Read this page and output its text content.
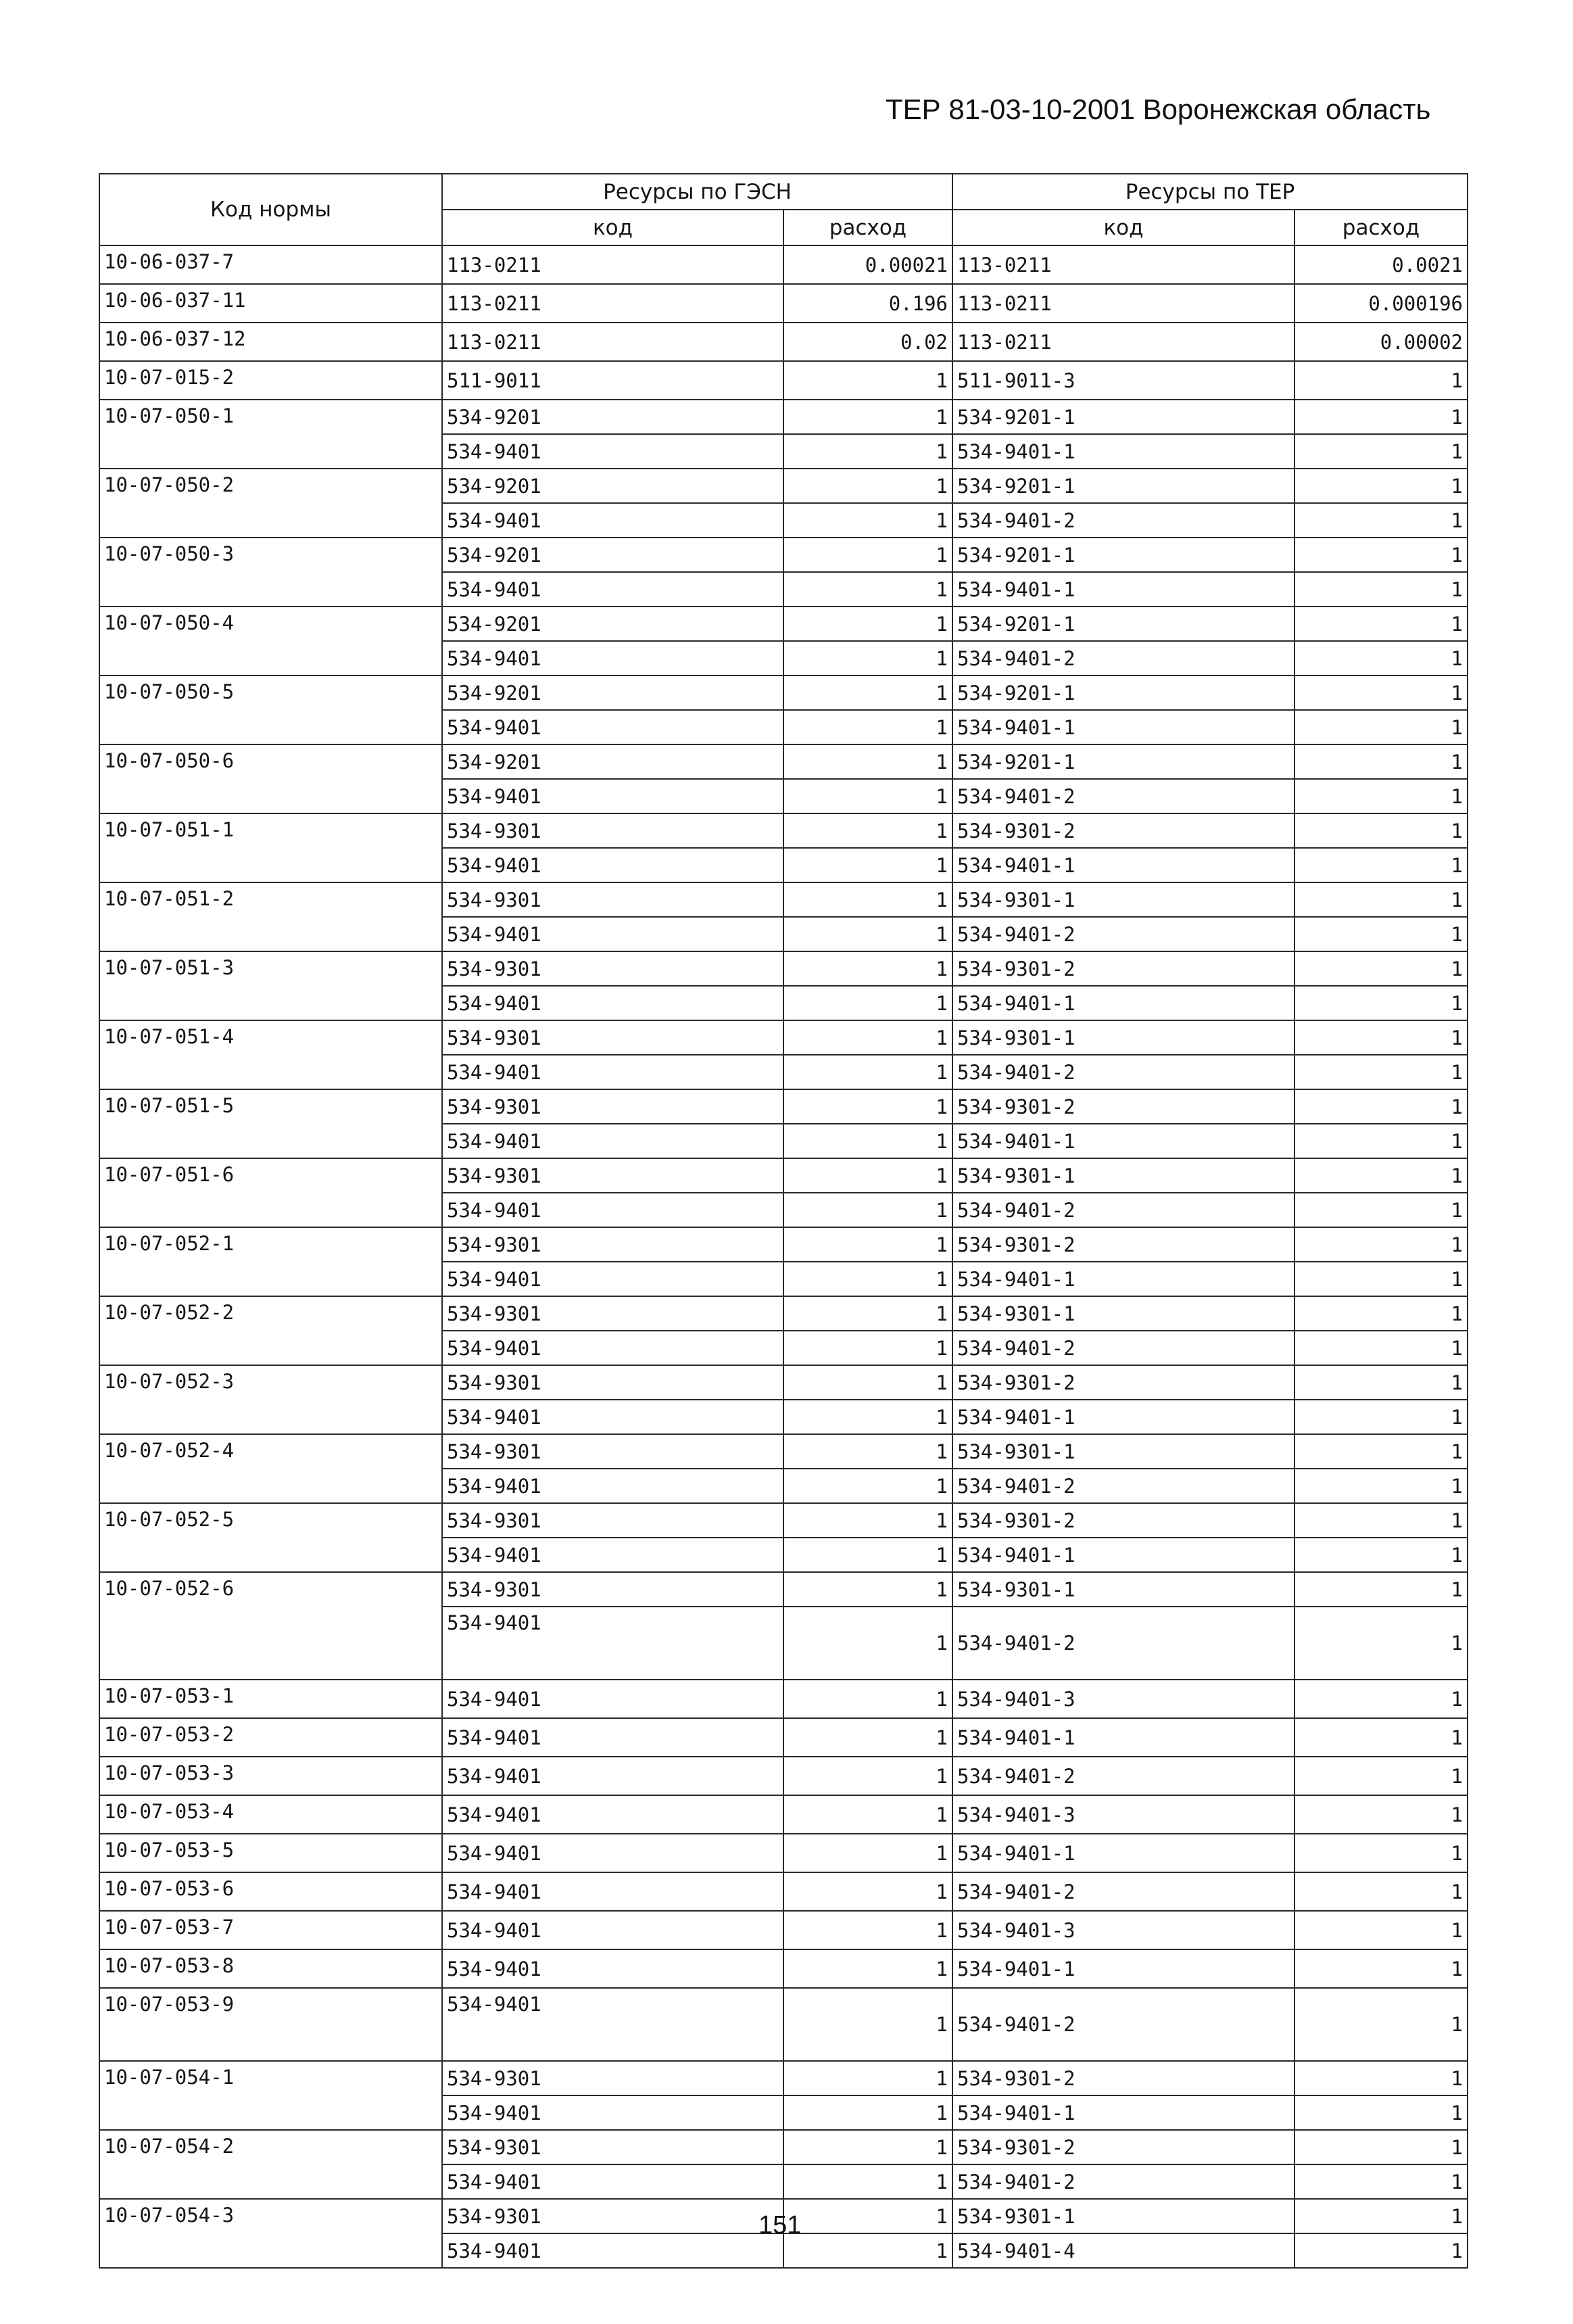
ТЕР 81-03-10-2001 Воронежская область
Код нормы	Ресурсы по ГЭСН		Ресурсы по ТЕР	
	код	расход	код	расход
10-06-037-7	113-0211	0.00021	113-0211	0.0021
10-06-037-11	113-0211	0.196	113-0211	0.000196
10-06-037-12	113-0211	0.02	113-0211	0.00002
10-07-015-2	511-9011	1	511-9011-3	1
10-07-050-1	534-9201	1	534-9201-1	1
	534-9401	1	534-9401-1	1
10-07-050-2	534-9201	1	534-9201-1	1
	534-9401	1	534-9401-2	1
10-07-050-3	534-9201	1	534-9201-1	1
	534-9401	1	534-9401-1	1
10-07-050-4	534-9201	1	534-9201-1	1
	534-9401	1	534-9401-2	1
10-07-050-5	534-9201	1	534-9201-1	1
	534-9401	1	534-9401-1	1
10-07-050-6	534-9201	1	534-9201-1	1
	534-9401	1	534-9401-2	1
10-07-051-1	534-9301	1	534-9301-2	1
	534-9401	1	534-9401-1	1
10-07-051-2	534-9301	1	534-9301-1	1
	534-9401	1	534-9401-2	1
10-07-051-3	534-9301	1	534-9301-2	1
	534-9401	1	534-9401-1	1
10-07-051-4	534-9301	1	534-9301-1	1
	534-9401	1	534-9401-2	1
10-07-051-5	534-9301	1	534-9301-2	1
	534-9401	1	534-9401-1	1
10-07-051-6	534-9301	1	534-9301-1	1
	534-9401	1	534-9401-2	1
10-07-052-1	534-9301	1	534-9301-2	1
	534-9401	1	534-9401-1	1
10-07-052-2	534-9301	1	534-9301-1	1
	534-9401	1	534-9401-2	1
10-07-052-3	534-9301	1	534-9301-2	1
	534-9401	1	534-9401-1	1
10-07-052-4	534-9301	1	534-9301-1	1
	534-9401	1	534-9401-2	1
10-07-052-5	534-9301	1	534-9301-2	1
	534-9401	1	534-9401-1	1
10-07-052-6	534-9301	1	534-9301-1	1
	534-9401	1	534-9401-2	1
10-07-053-1	534-9401	1	534-9401-3	1
10-07-053-2	534-9401	1	534-9401-1	1
10-07-053-3	534-9401	1	534-9401-2	1
10-07-053-4	534-9401	1	534-9401-3	1
10-07-053-5	534-9401	1	534-9401-1	1
10-07-053-6	534-9401	1	534-9401-2	1
10-07-053-7	534-9401	1	534-9401-3	1
10-07-053-8	534-9401	1	534-9401-1	1
10-07-053-9	534-9401	1	534-9401-2	1
10-07-054-1	534-9301	1	534-9301-2	1
	534-9401	1	534-9401-1	1
10-07-054-2	534-9301	1	534-9301-2	1
	534-9401	1	534-9401-2	1
10-07-054-3	534-9301	1	534-9301-1	1
	534-9401	1	534-9401-4	1
151
